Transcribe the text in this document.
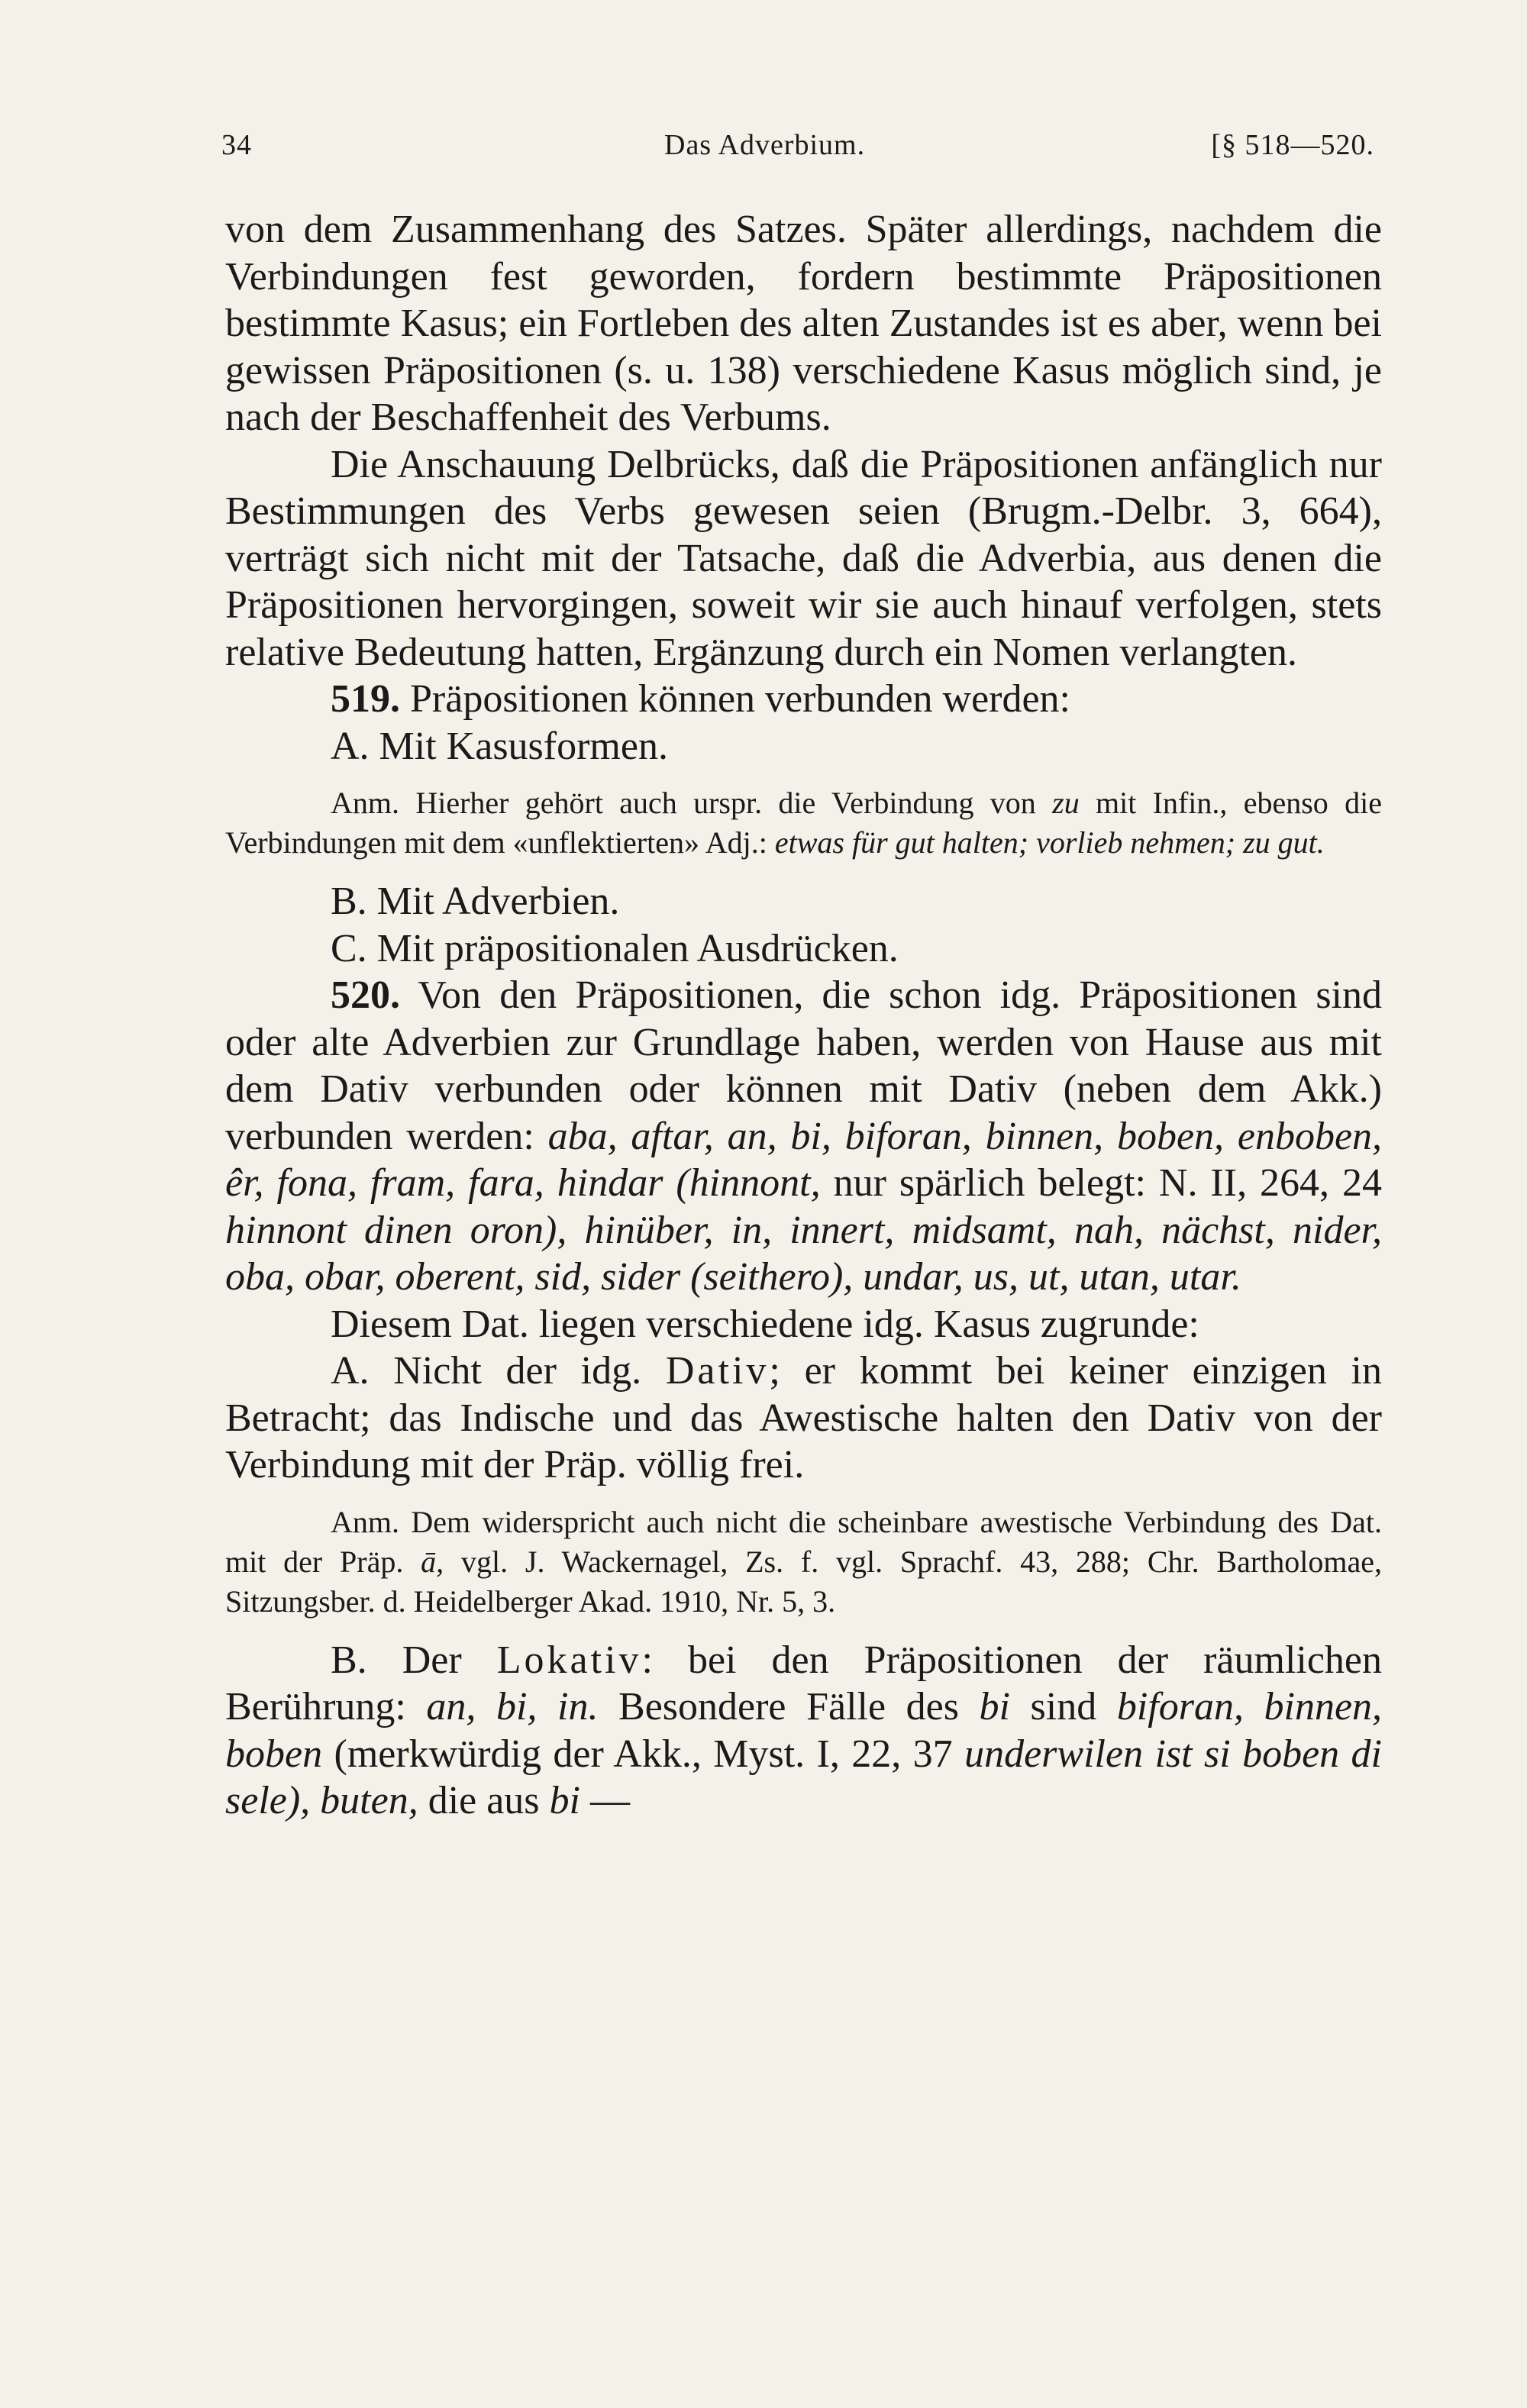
34	Das Adverbium.	[§ 518—520.

von dem Zusammenhang des Satzes. Später allerdings, nachdem die Verbindungen fest geworden, fordern bestimmte Präpositionen bestimmte Kasus; ein Fortleben des alten Zustandes ist es aber, wenn bei gewissen Präpositionen (s. u. 138) verschiedene Kasus möglich sind, je nach der Beschaffenheit des Verbums.

Die Anschauung Delbrücks, daß die Präpositionen anfänglich nur Bestimmungen des Verbs gewesen seien (Brugm.-Delbr. 3, 664), verträgt sich nicht mit der Tatsache, daß die Adverbia, aus denen die Präpositionen hervorgingen, soweit wir sie auch hinauf verfolgen, stets relative Bedeutung hatten, Ergänzung durch ein Nomen verlangten.

519. Präpositionen können verbunden werden:

A. Mit Kasusformen.

Anm. Hierher gehört auch urspr. die Verbindung von zu mit Infin., ebenso die Verbindungen mit dem «unflektierten» Adj.: etwas für gut halten; vorlieb nehmen; zu gut.

B. Mit Adverbien.

C. Mit präpositionalen Ausdrücken.

520. Von den Präpositionen, die schon idg. Präpositionen sind oder alte Adverbien zur Grundlage haben, werden von Hause aus mit dem Dativ verbunden oder können mit Dativ (neben dem Akk.) verbunden werden: aba, aftar, an, bi, biforan, binnen, boben, enboben, êr, fona, fram, fara, hindar (hinnont, nur spärlich belegt: N. II, 264, 24 hinnont dinen oron), hinüber, in, innert, midsamt, nah, nächst, nider, oba, obar, oberent, sid, sider (seithero), undar, us, ut, utan, utar.

Diesem Dat. liegen verschiedene idg. Kasus zugrunde:

A. Nicht der idg. Dativ; er kommt bei keiner einzigen in Betracht; das Indische und das Awestische halten den Dativ von der Verbindung mit der Präp. völlig frei.

Anm. Dem widerspricht auch nicht die scheinbare awestische Verbindung des Dat. mit der Präp. ā, vgl. J. Wackernagel, Zs. f. vgl. Sprachf. 43, 288; Chr. Bartholomae, Sitzungsber. d. Heidelberger Akad. 1910, Nr. 5, 3.

B. Der Lokativ: bei den Präpositionen der räumlichen Berührung: an, bi, in. Besondere Fälle des bi sind biforan, binnen, boben (merkwürdig der Akk., Myst. I, 22, 37 underwilen ist si boben di sele), buten, die aus bi —
